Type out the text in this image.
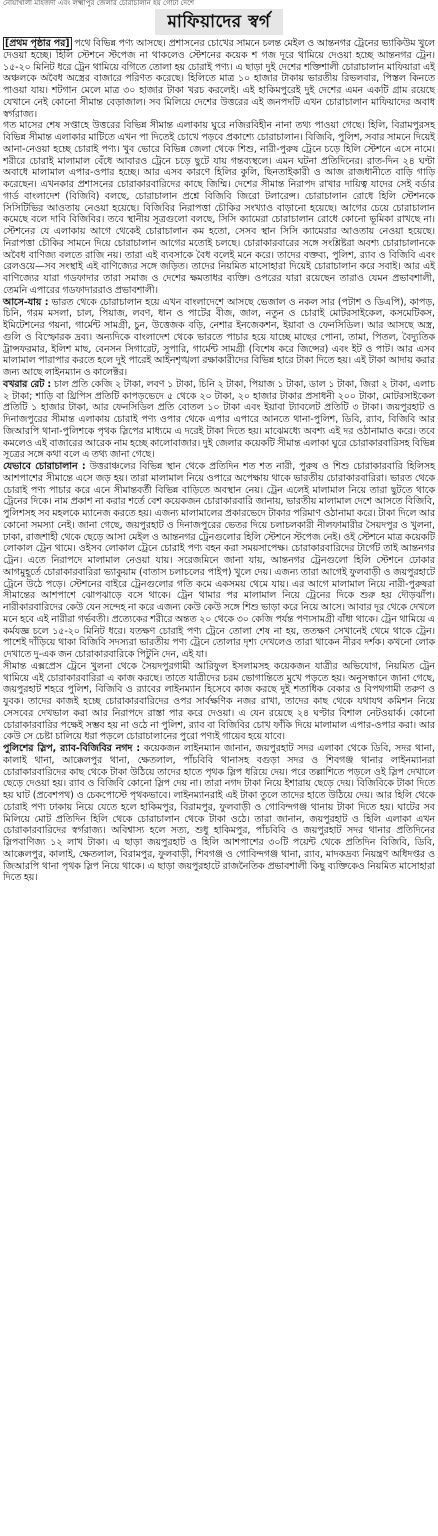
নোয়াখালী মাইজদী এবং লক্ষ্মীপুর জেলার চোরাচালান হয় গোটা দেশে
মাফিয়াদের স্বর্গ

[প্রথম পৃষ্ঠার পর] পথে বিভিন্ন পণ্য আসছে। প্রশাসনের চোখের সামনে চলন্ত মেইল ও আন্তনগর ট্রেনের ভ্যাকিউম খুলে দেওয়া হচ্ছে। হিলি স্টেশনে স্টপেজ না থাকলেও স্টেশনের কয়েক শ গজ দূরে থামিয়ে দেওয়া হচ্ছে আন্তনগর ট্রেন। ১৫-২০ মিনিট ধরে ট্রেন থামিয়ে বগিতে তোলা হয় চোরাই পণ্য। এ ছাড়া দুই দেশের শক্তিশালী চোরাচালান মাফিয়ারা এই অঞ্চলকে অবৈধ অস্ত্রের বাজারে পরিণত করেছে। হিলিতে মাত্র ১০ হাজার টাকায় ভারতীয় রিভলবার, পিস্তল কিনতে পাওয়া যায়। শটগান মেলে মাত্র ৩০ হাজার টাকা খরচ করলেই। এই হাকিমপুরেই দুই দেশের এমন একটি গ্রাম রয়েছে যেখানে নেই কোনো সীমান্ত বেড়াজাল। সব মিলিয়ে দেশের উত্তরের এই জনপদটি এখন চোরাচালান মাফিয়াদের অবাধ স্বর্গরাজ্য।

গত মাসের শেষ সপ্তাহে উত্তরের বিভিন্ন সীমান্ত এলাকায় ঘুরে নজিরবিহীন নানা তথ্য পাওয়া গেছে। হিলি, বিরামপুরসহ বিভিন্ন সীমান্ত এলাকার মাটিতে এখন পা দিতেই চোখে পড়বে প্রকাশ্যে চোরাচালান। বিজিবি, পুলিশ, সবার সামনে দিয়েই আনা-নেওয়া হচ্ছে চোরাই পণ্য। খুব ভোরে বিভিন্ন জেলা থেকে শিশু, নারী-পুরুষ ট্রেনে চড়ে হিলি স্টেশনে এসে নামে। শরীরে চোরাই মালামাল বেঁধে আবারও ট্রেনে চড়ে ছুটে যায় গন্তব্যস্থলে। এমন ঘটনা প্রতিদিনের। রাত-দিন ২৪ ঘণ্টা অবাধে মালামাল এপার-ওপার হচ্ছে। আর এসব কারণে হিলির কুলি, ছিনতাইকারী ও আজ রাজধানীতে বাড়ি গাড়ি করেছেন। এখনকার প্রশাসনের চোরাকারবারিদের কাছে জিম্মি। দেশের সীমান্ত নিরাপদ রাখার দায়িত্ব যাদের সেই বর্ডার গার্ড বাংলাদেশ (বিজিবি) বলছে, চোরাচালান প্রশ্নে বিজিবি জিরো টলারেন্স। চোরাচালান রোধে হিলি স্টেশনকে সিসিটিভির আওতায় নেওয়া হয়েছে। বিজিবির নিরাপত্তা চৌকির সংখ্যাও বাড়ানো হয়েছে। আগের চেয়ে চোরাচালান কমেছে বলে দাবি বিজিবির। তবে স্থানীয় সূত্রগুলো বলছে, সিসি ক্যামেরা চোরাচালান রোধে কোনো ভূমিকা রাখছে না। স্টেশনের যে এলাকায় আগে থেকেই চোরাচালান কম হতো, সেসব স্থান সিসি ক্যামেরার আওতায় নেওয়া হয়েছে। নিরাপত্তা চৌকির সামনে দিয়ে চোরাচালান আগের মতোই চলছে। চোরাকারবারের সঙ্গে সংশ্লিষ্টরা অবশ্য চোরাচালানকে অবৈধ বাণিজ্য বলতে রাজি নয়। তারা এই ব্যবসাকে বৈধ বলেই মনে করে। তাদের বক্তব্য, পুলিশ, র‍্যাব ও বিজিবি এবং রেলওয়ে—সব সংস্থাই এই বাণিজ্যের সঙ্গে জড়িত। তাদের নিয়মিত মাসোহারা দিয়েই চোরাচালান করে সবাই। আর এই বাণিজ্যের যারা গডফাদার তারা সমাজ ও দেশের ক্ষমতাধর ব্যক্তি। ওপরের যারা রয়েছেন তারাও যেমন প্রভাবশালী, তেমনি এপারের গডফাদাররাও প্রভাবশালী।

আসে-যায় : ভারত থেকে চোরাচালান হয়ে এখন বাংলাদেশে আসছে ভেজাল ও নকল সার (পটাশ ও ডিএপি), কাপড়, চিনি, গরম মসলা, চাল, পিয়াজ, লবণ, ধান ও পাটের বীজ, জাল, নতুন ও চোরাই মোটরসাইকেল, কসমেটিকস, ইমিটেশনের গয়না, গার্মেন্ট সামগ্রী, চুন, উত্তেজক বড়ি, নেশার ইনজেকশন, ইয়াবা ও ফেনসিডিল। আর আসছে অস্ত্র, গুলি ও বিস্ফোরক দ্রব্য। অন্যদিকে বাংলাদেশ থেকে ভারতে পাচার হয়ে যাচ্ছে মাছের পোনা, তামা, পিতল, বৈদ্যুতিক ট্রান্সফরমার, ইলিশ মাছ, বেনসন সিগারেট, সুপারি, গার্মেন্ট সামগ্রী (বিশেষ করে জিন্সের) এবং ইট ও পাট। আর এসব মালামাল পারাপার করতে হলে দুই পারেই আইনশৃঙ্খলা রক্ষাকারীদের বিভিন্ন হারে টাকা দিতে হয়। এই টাকা আদায় করার জন্য আছে লাইনম্যান ও কালেক্টর।

বখরার রেট : চাল প্রতি কেজি ২ টাকা, লবণ ১ টাকা, চিনি ২ টাকা, পিয়াজ ১ টাকা, ডাল ১ টাকা, জিরা ২ টাকা, এলাচ ২ টাকা; শাড়ি বা থ্রিপিস প্রতিটি কাপড়ভেদে ৫ থেকে ২০ টাকা, ২০ হাজার টাকার প্রসাধনী ২০০ টাকা, মোটরসাইকেল প্রতিটি ১ হাজার টাকা, আর ফেনসিডিল প্রতি বোতল ১০ টাকা এবং ইয়াবা ট্যাবলেট প্রতিটি ৩ টাকা। জয়পুরহাট ও দিনাজপুরের সীমান্ত এলাকায় চোরাই পণ্য ওপার থেকে এপার এপারে আনতে থানা-পুলিশ, ডিবি, র‍্যাব, বিজিবি আর জিআরপি থানা-পুলিশকে পৃথক স্লিপের মাধ্যমে এ দরেই টাকা দিতে হয়। মাঝেমধ্যে অবশ্য এই দর ওঠানামাও করে। তবে কমলেও এই বাজারের আরেক নাম হচ্ছে কালোবাজার। দুই জেলার কয়েকটি সীমান্ত এলাকা ঘুরে চোরাকারবারিসহ বিভিন্ন সূত্রের সঙ্গে কথা বলে এ তথ্য জানা গেছে।

যেভাবে চোরাচালান : উত্তরাঞ্চলের বিভিন্ন স্থান থেকে প্রতিদিন শত শত নারী, পুরুষ ও শিশু চোরাকারবারি হিলিসহ আশপাশের সীমান্তে এসে জড় হয়। তারা মালামাল নিয়ে ওপারে অপেক্ষায় থাকে ভারতীয় চোরাকারবারিরা। ভারত থেকে চোরাই পণ্য পাচার করে এনে সীমান্তবর্তী বিভিন্ন বাড়িতে অবস্থান নেয়। ট্রেন এলেই মালামাল নিয়ে তারা ছুটতে থাকে ট্রেনের দিকে। নাম প্রকাশ না করার শর্তে বেশ কয়েকজন চোরাকারবারি জানায়, ভারতীয় মালামাল দেশে আসতে বিজিবি, পুলিশসহ সব মহলকে ম্যানেজ করতে হয়। এজন্য মালামালের প্রকারভেদে টাকার পরিমাণ ওঠানামা করে। টাকা দিলে আর কোনো সমস্যা নেই। জানা গেছে, জয়পুরহাট ও দিনাজপুরের ভেতর দিয়ে চলাচলকারী নীলফামারীর সৈয়দপুর ও খুলনা, ঢাকা, রাজশাহী থেকে ছেড়ে আসা মেইল ও আন্তনগর ট্রেনগুলোর হিলি স্টেশনে স্টপেজ নেই। ওই স্টেশনে মাত্র কয়েকটি লোকাল ট্রেন থামে। ওইসব লোকাল ট্রেনে চোরাই পণ্য বহন করা সময়সাপেক্ষ। চোরাকারবারিদের টার্গেট তাই আন্তনগর ট্রেন। এতে নিরাপদে মালামাল নেওয়া যায়। সরেজমিনে জানা যায়, আন্তনগর ট্রেনগুলো হিলি স্টেশনে ঢোকার আগমুহূর্তে চোরাকারবারিরা ভ্যাকুয়াম (বাতাস চলাচলের পাইপ) খুলে দেয়। এজন্য তারা আগেই ফুলবাড়ী ও জয়পুরহাটে ট্রেনে উঠে পড়ে। স্টেশনের বাইরে ট্রেনগুলোর গতি কমে একসময় থেমে যায়। এর আগে মালামাল নিয়ে নারী-পুরুষরা সীমান্তের আশপাশে ঝোপঝাড়ে বসে থাকে। ট্রেন থামার পর মালামাল নিয়ে ট্রেনের দিকে শুরু হয় দৌড়ঝাঁপ। নারীকারবারিদের কেউ যেন সন্দেহ না করে এজন্য কেউ কেউ সঙ্গে শিশু ভাড়া করে নিয়ে আসে। আবার দূর থেকে দেখলে মনে হবে এই নারীরা গর্ভবতী। প্রত্যেকের শরীরে অন্তত ২০ থেকে ৩০ কেজি পর্যন্ত পণ্যসামগ্রী বাঁধা থাকে। ট্রেন থামিয়ে এ কর্মযজ্ঞ চলে ১৫-২০ মিনিট ধরে। যতক্ষণ চোরাই পণ্য ট্রেনে তোলা শেষ না হয়, ততক্ষণ সেখানেই থেমে থাকে ট্রেন। পাশেই দাঁড়িয়ে থাকা বিজিবি সদস্যরা ভারতীয় পণ্য ট্রেনে তোলার দৃশ্য দেখলেও তারা থাকেন নীরব দর্শক। কখনো লোক দেখাতে দু-এক জন চোরাকারবারিকে পিটুনি দেন, এই যা।

সীমান্ত এক্সপ্রেস ট্রেনে খুলনা থেকে সৈয়দপুরগামী আরিফুল ইসলামসহ কয়েকজন যাত্রীর অভিযোগ, নিয়মিত ট্রেন থামিয়ে এই চোরাকারবারিরা এ কাজ করছে। তাতে যাত্রীদের চরম ভোগান্তিতে মুখে পড়তে হয়। অনুসন্ধানে জানা গেছে, জয়পুরহাট শহরে পুলিশ, বিজিবি ও র‍্যাবের লাইনম্যান হিসেবে কাজ করছে দুই শতাধিক বেকার ও বিপথগামী তরুণ ও যুবক। তাদের কাজই হচ্ছে চোরাকারবারিদের ওপর সার্বক্ষণিক নজর রাখা, তাদের কাছ থেকে যথাযথ কমিশন নিয়ে সেসবের দেখভাল করা আর নিরাপদে রাস্তা পার করে দেওয়া। এ যেন রয়েছে ২৪ ঘণ্টার বিশাল নেটওয়ার্ক। কোনো চোরাকারবারির পক্ষেই সম্ভব হয় না ওঠে না পুলিশ, র‍্যাব বা বিজিবির চোখ ফাঁকি দিয়ে মালামাল এপার-ওপার করা। আর কেউ সে চেষ্টা চালিয়ে ধরা পড়লে চোরাচালানের পুরো পণ্যই গায়েব হয়ে যাবে।

পুলিশের স্লিপ, র‍্যাব-বিজিবির নগদ : কয়েকজন লাইনম্যান জানান, জয়পুরহাট সদর এলাকা থেকে ডিবি, সদর থানা, কালাই থানা, আক্কেলপুর থানা, ক্ষেতলাল, পাঁচবিবি থানাসহ বগুড়া সদর ও শিবগঞ্জ থানার লাইনম্যানরা চোরাকারবারিদের কাছ থেকে টাকা উঠিয়ে তাদের হাতে পৃথক স্লিপ ধরিয়ে দেয়। পরে তল্লাশিতে পড়লে ওই স্লিপ দেখালে ছেড়ে দেওয়া হয়। র‍্যাব ও বিজিবি কোনো স্লিপ দেয় না। তারা নগদ টাকা নিয়ে ইশারায় ছেড়ে দেয়। বিজিবিকে টাকা দিতে হয় ঘাট (প্রবেশপথ) ও চেকপোস্টে পৃথকভাবে। লাইনম্যানরাই এই টাকা তুলে তাদের হাতে উঠিয়ে দেয়। আর হিলি থেকে চোরাই পণ্য ঢাকায় নিয়ে যেতে হলে হাকিমপুর, বিরামপুর, ফুলবাড়ী ও গোবিন্দগঞ্জ থানায় টাকা দিতে হয়। ঘাটের সব মিলিয়ে মোট প্রতিদিন হিলি থেকে চোরাচালান থেকে টাকা ওঠে। তারা জানান, জয়পুরহাট ও হিলি এলাকা এখন চোরাকারবারিদের স্বর্গরাজ্য। অবিশ্বাস্য হলে সত্য, শুধু হাকিমপুর, পাঁচবিবি ও জয়পুরহাট সদর থানার প্রতিদিনের স্লিপবাণিজ্য ১২ লাখ টাকা। এ ছাড়া জয়পুরহাট ও হিলি আশপাশের ৩০টি পয়েন্ট থেকে প্রতিদিন বিজিবি, ডিবি, আক্কেলপুর, কালাই, ক্ষেতলাল, বিরামপুর, ফুলবাড়ী, শিবগঞ্জ ও গোবিন্দগঞ্জ থানা, র‍্যাব, মাদকদ্রব্য নিয়ন্ত্রণ অধিদপ্তর ও জিআরপি থানা পৃথক স্লিপ নিয়ে থাকে। এ ছাড়া জয়পুরহাটে রাজনৈতিক প্রভাবশালী কিছু ব্যক্তিকেও নিয়মিত মাসোহারা দিতে হয়।
